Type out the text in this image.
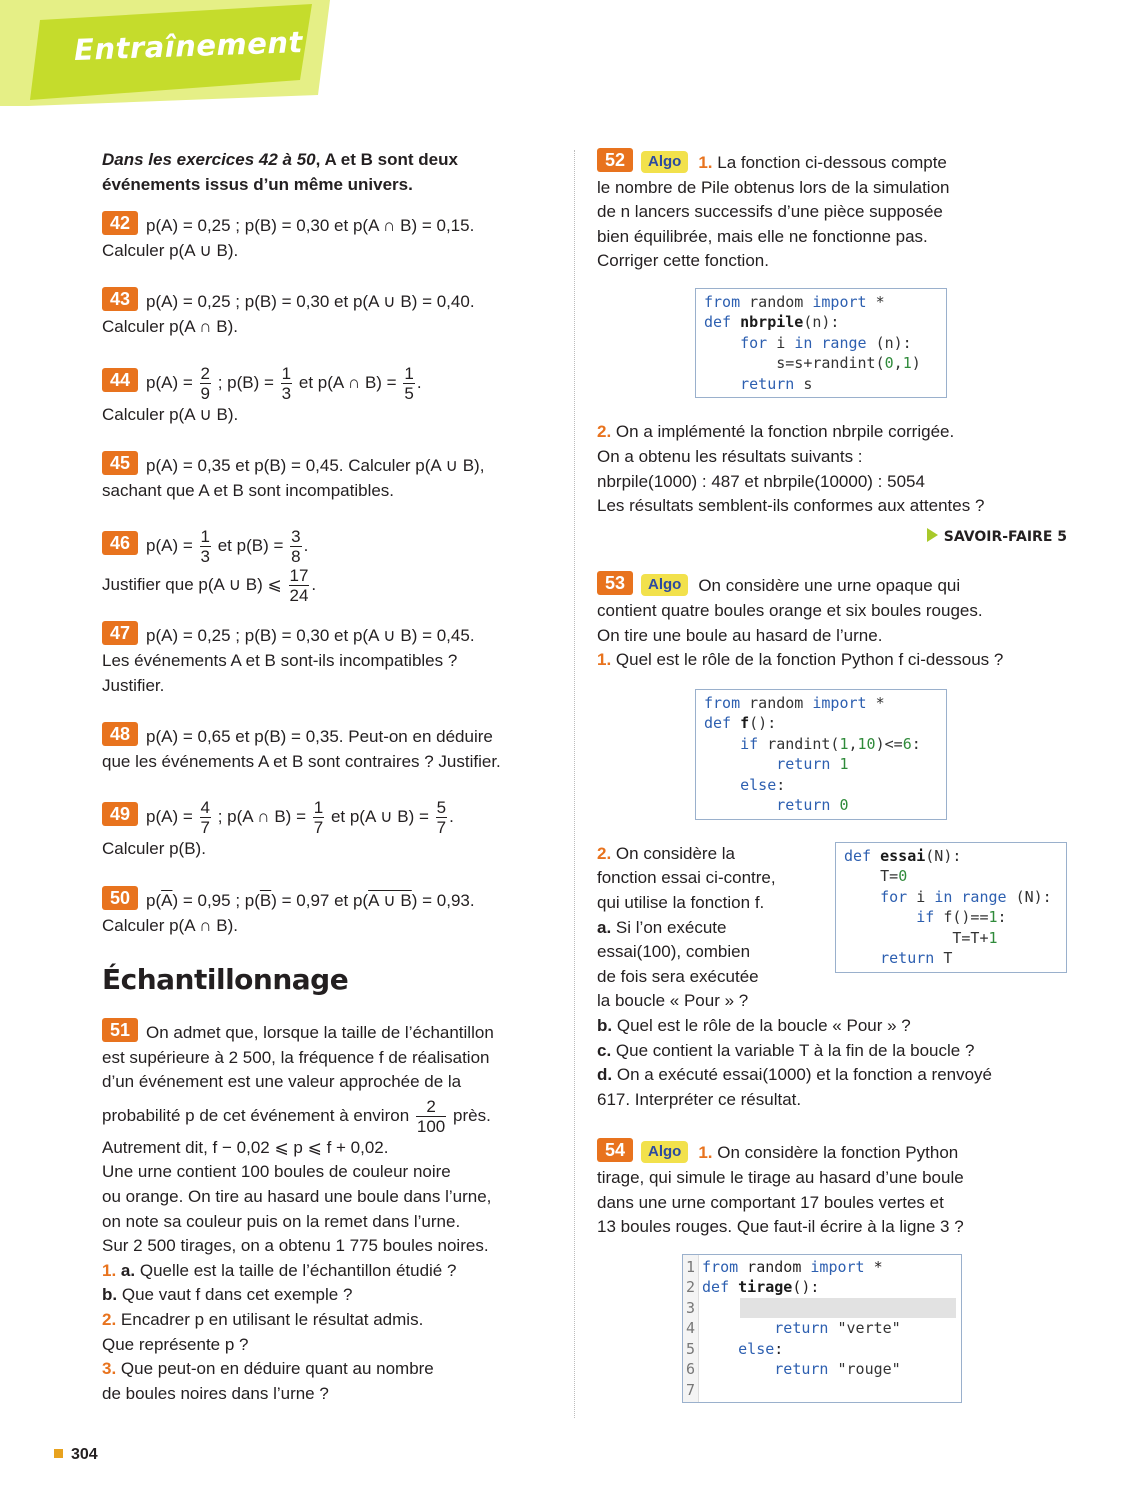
Entraînement
Dans les exercices 42 à 50, A et B sont deux événements issus d’un même univers.

42 p(A) = 0,25 ; p(B) = 0,30 et p(A ∩ B) = 0,15.

Calculer p(A ∪ B).

43 p(A) = 0,25 ; p(B) = 0,30 et p(A ∪ B) = 0,40.

Calculer p(A ∩ B).

44 $p(A) = \frac{2}{9}$ ; $p(B) = \frac{1}{3}$ et p(A ∩ $B) = \frac{1}{5}$ .

Calculer p(A ∪ B).

45 p(A) = 0,35 et p(B) = 0,45. Calculer p(A ∪ B),

sachant que A et B sont incompatibles.

46 $p(A) = \frac{1}{3}$ et $p(B) = \frac{3}{8}$ .

Justifier que p(A ∪ B) ⩽ $\frac{17}{24}$ .

47 p(A) = 0,25 ; p(B) = 0,30 et p(A ∪ B) = 0,45.

Les événements A et B sont-ils incompatibles ?

Justifier.

48 p(A) = 0,65 et p(B) = 0,35. Peut-on en déduire

que les événements A et B sont contraires ? Justifier.

49 $p(A) = \frac{4}{7}$ ; p(A ∩ $B) = \frac{1}{7}$ et p(A ∪ $B) = \frac{5}{7}$ .

Calculer p(B).

50 $p(\overline{A}) = 0,95$ ; $p(\overline{B}) = 0,97$ et p(A ∪ B) = 0,93.

Calculer p(A ∩ B).

Échantillonnage

51 On admet que, lorsque la taille de l’échantillon

est supérieure à 2 500, la fréquence f de réalisation

d’un événement est une valeur approchée de la

probabilité p de cet événement à environ $\frac{2}{100}$ près.

Autrement dit, f − 0,02 ⩽ p ⩽ f + 0,02.

Une urne contient 100 boules de couleur noire

ou orange. On tire au hasard une boule dans l’urne,

on note sa couleur puis on la remet dans l’urne.

Sur 2 500 tirages, on a obtenu 1 775 boules noires.

1. a. Quelle est la taille de l’échantillon étudié ?

b. Que vaut f dans cet exemple ?

2. Encadrer p en utilisant le résultat admis.

Que représente p ?

3. Que peut-on en déduire quant au nombre

de boules noires dans l’urne ?

52 Algo 1. La fonction ci-dessous compte

le nombre de Pile obtenus lors de la simulation

de n lancers successifs d’une pièce supposée

bien équilibrée, mais elle ne fonctionne pas.

Corriger cette fonction.

from random import *
def nbrpile(n):
for i in range (n):
s=s+randint(0,1)
return s

2. On a implémenté la fonction nbrpile corrigée.

On a obtenu les résultats suivants :

nbrpile(1000) : 487 et nbrpile(10000) : 5054

Les résultats semblent-ils conformes aux attentes ?

SAVOIR-FAIRE 5

53 Algo On considère une urne opaque qui

contient quatre boules orange et six boules rouges.

On tire une boule au hasard de l’urne.

1. Quel est le rôle de la fonction Python f ci-dessous ?

from random import *
def f():
if randint(1,10)<=6:
return 1
else:
return 0
def essai(N):
T=0
for i in range (N):
if f()==1:
T=T+1
return T

2. On considère la

fonction essai ci-contre,

qui utilise la fonction f.

a. Si l’on exécute

essai(100), combien

de fois sera exécutée

la boucle « Pour » ?

b. Quel est le rôle de la boucle « Pour » ?

c. Que contient la variable T à la fin de la boucle ?

d. On a exécuté essai(1000) et la fonction a renvoyé

617. Interpréter ce résultat.

54 Algo 1. On considère la fonction Python

tirage, qui simule le tirage au hasard d’une boule

dans une urne comportant 17 boules vertes et

13 boules rouges. Que faut-il écrire à la ligne 3 ?

1
2
3
4
5
6
7
from random import *
def tirage():

return "verte"
else:
return "rouge"

304
